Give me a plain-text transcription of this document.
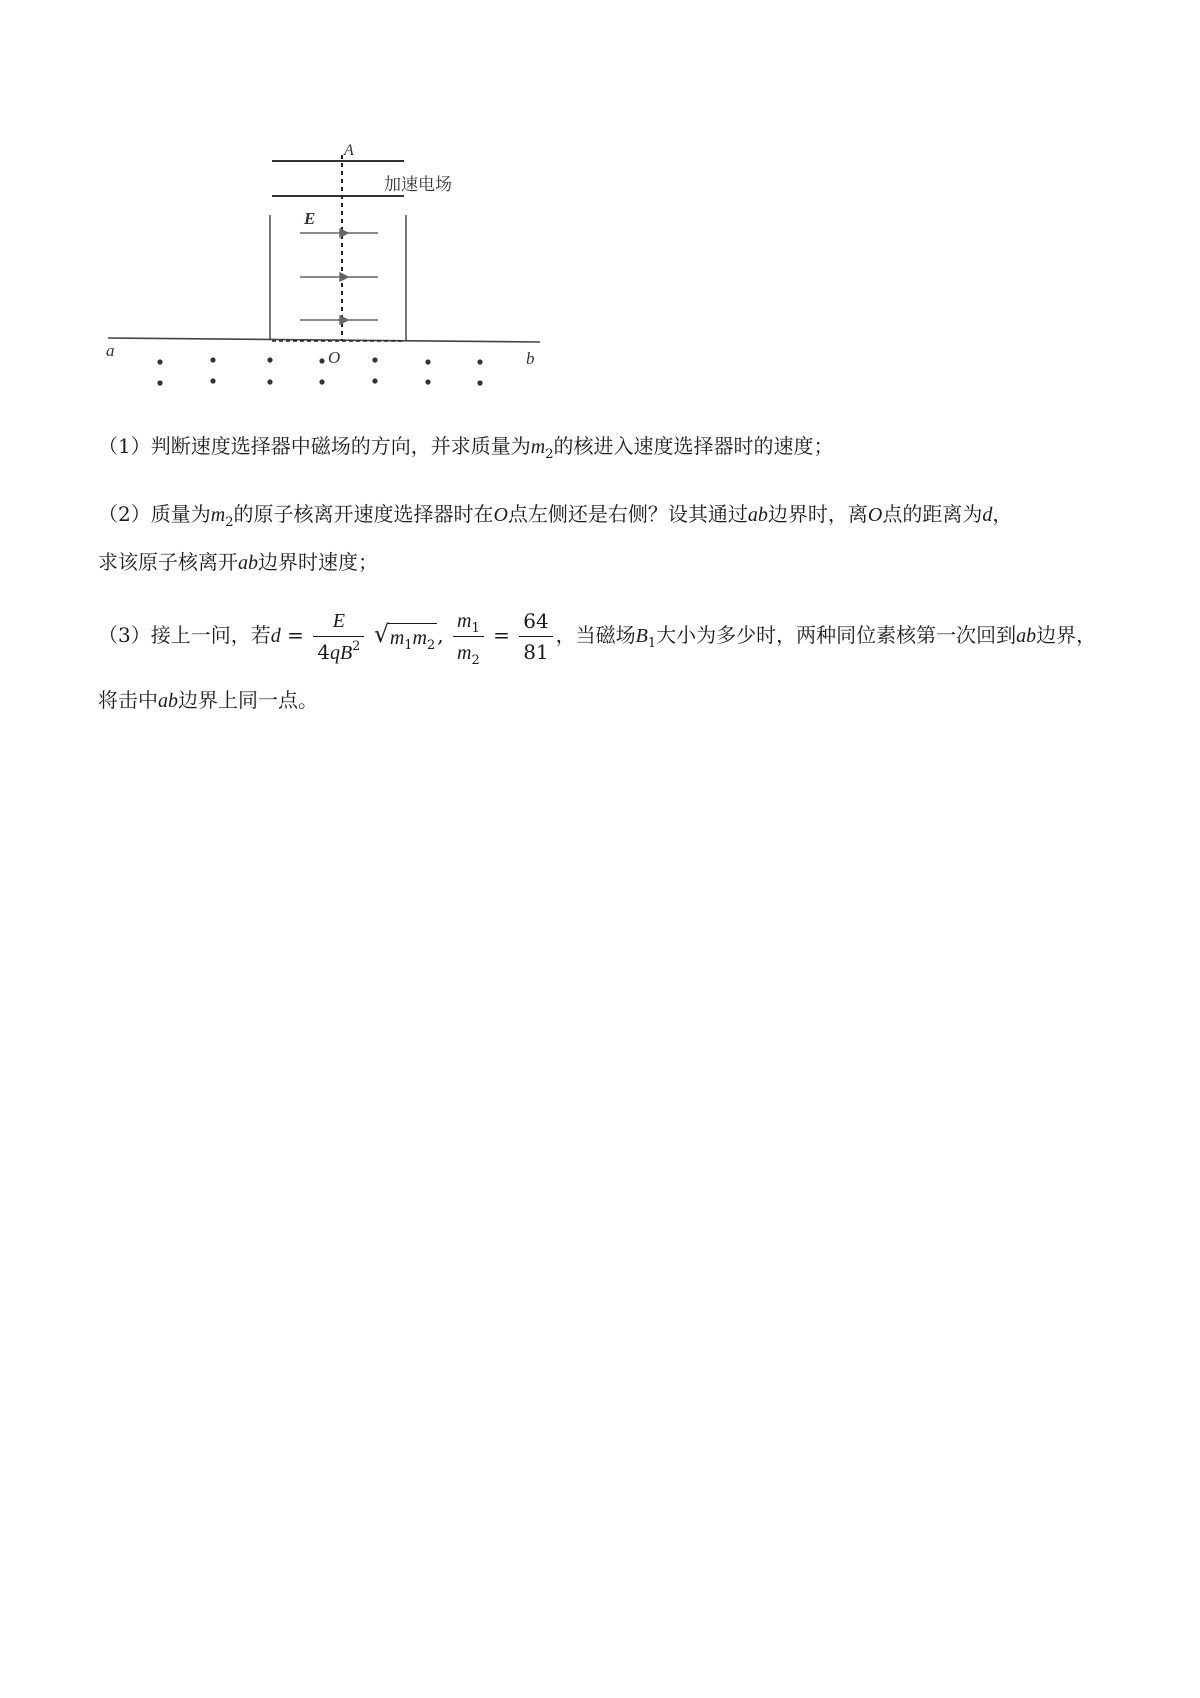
A
加速电场
E
a	O	b
（1）判断速度选择器中磁场的方向，并求质量为$m_2$的核进入速度选择器时的速度；
（2）质量为$m_2$的原子核离开速度选择器时在O点左侧还是右侧？设其通过ab边界时，离O点的距离为d，
求该原子核离开ab边界时速度；
（3）接上一问，若$d = \frac{E}{4qB^2}$
√ $m_1m_2$ , $\frac{m_1}{m_2} = \frac{64}{81}$ ，当磁场$B_1$大小为多少时，两种同位素核第一次回到ab边界，
将击中ab边界上同一点。
